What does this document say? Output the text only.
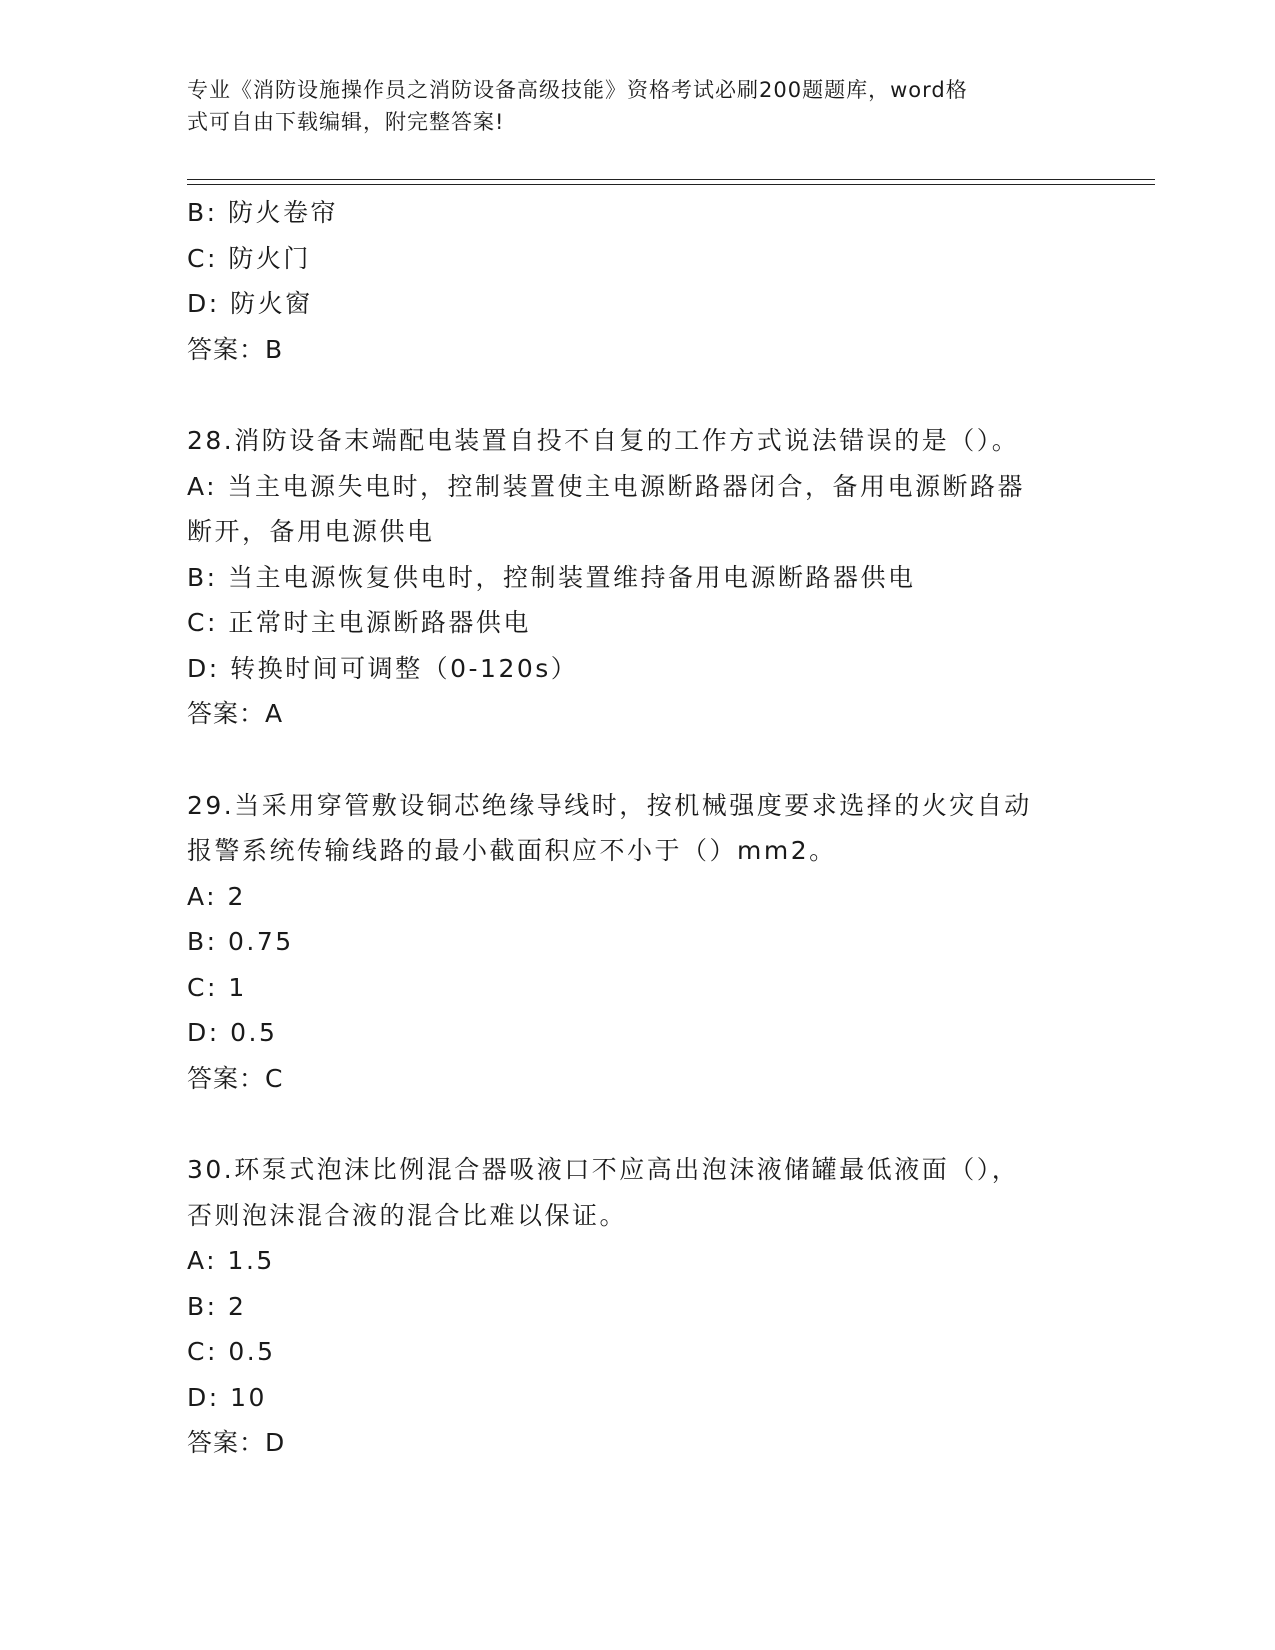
专业《消防设施操作员之消防设备高级技能》资格考试必刷200题题库，word格
式可自由下载编辑，附完整答案!
B: 防火卷帘
C: 防火门
D: 防火窗
答案：B
28.消防设备末端配电装置自投不自复的工作方式说法错误的是（）。
A: 当主电源失电时，控制装置使主电源断路器闭合，备用电源断路器
断开，备用电源供电
B: 当主电源恢复供电时，控制装置维持备用电源断路器供电
C: 正常时主电源断路器供电
D: 转换时间可调整（0-120s）
答案：A
29.当采用穿管敷设铜芯绝缘导线时，按机械强度要求选择的火灾自动
报警系统传输线路的最小截面积应不小于（）mm2。
A: 2
B: 0.75
C: 1
D: 0.5
答案：C
30.环泵式泡沫比例混合器吸液口不应高出泡沫液储罐最低液面（），
否则泡沫混合液的混合比难以保证。
A: 1.5
B: 2
C: 0.5
D: 10
答案：D
